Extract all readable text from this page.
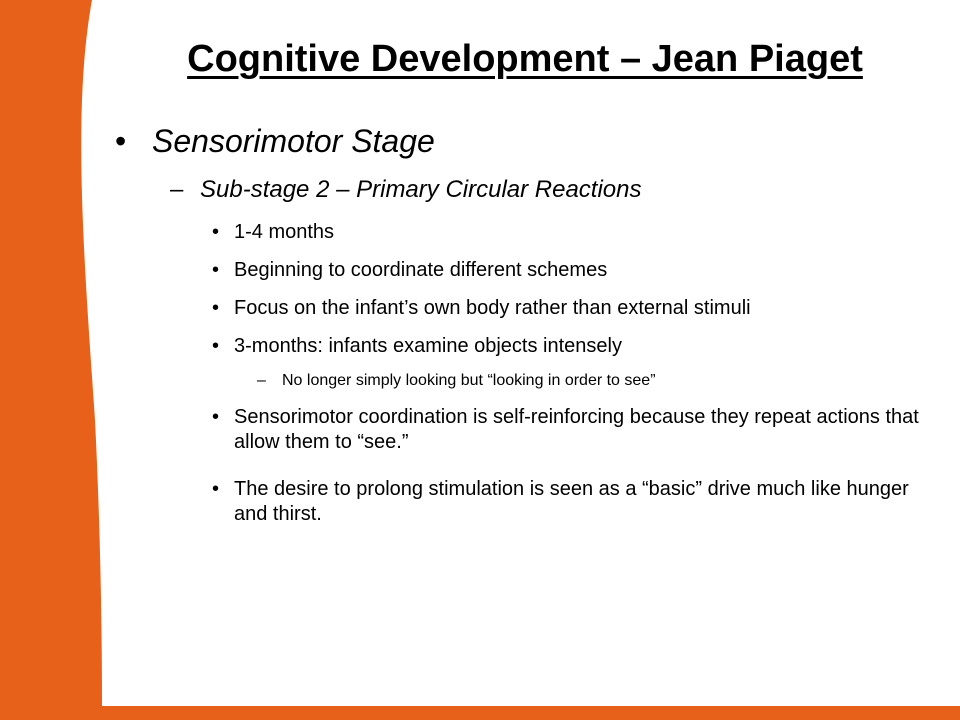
Cognitive Development – Jean Piaget
• Sensorimotor Stage
– Sub-stage 2 – Primary Circular Reactions
• 1-4 months
• Beginning to coordinate different schemes
• Focus on the infant’s own body rather than external stimuli
• 3-months: infants examine objects intensely
–	No longer simply looking but “looking in order to see”
• Sensorimotor coordination is self-reinforcing because they repeat actions that allow them to “see.”
• The desire to prolong stimulation is seen as a “basic” drive much like hunger and thirst.
